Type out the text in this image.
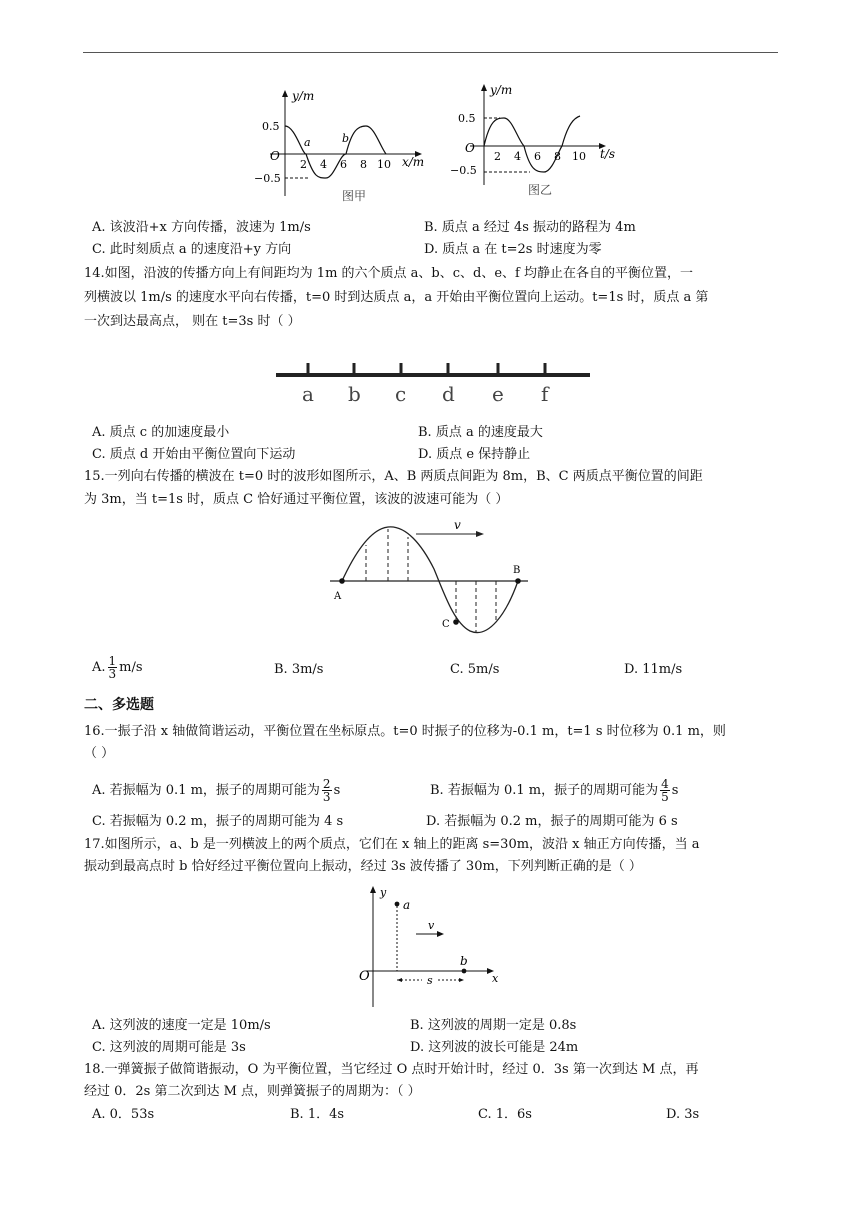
y/m
x/m
0.5
−0.5
O
2 4 6 8 10
a	b
图甲
y/m
t/s
0.5
−0.5
O
2 4 6 8 10
图乙
A. 该波沿+x 方向传播，波速为 1m/s	B. 质点 a 经过 4s 振动的路程为 4m
C. 此时刻质点 a 的速度沿+y 方向	D. 质点 a 在 t=2s 时速度为零
14.如图，沿波的传播方向上有间距均为 1m 的六个质点 a、b、c、d、e、f 均静止在各自的平衡位置，一
列横波以 1m/s 的速度水平向右传播，t=0 时到达质点 a，a 开始由平衡位置向上运动。t=1s 时，质点 a 第
一次到达最高点， 则在 t=3s 时（ ）
a b c d e f
A. 质点 c 的加速度最小	B. 质点 a 的速度最大
C. 质点 d 开始由平衡位置向下运动	D. 质点 e 保持静止
15.一列向右传播的横波在 t=0 时的波形如图所示，A、B 两质点间距为 8m，B、C 两质点平衡位置的间距
为 3m，当 t=1s 时，质点 C 恰好通过平衡位置，该波的波速可能为（ ）
v
A
B
C
A. $\frac{1}{3} m/s$	B. 3m/s	C. 5m/s	D. 11m/s
二、多选题
16.一振子沿 x 轴做简谐运动，平衡位置在坐标原点。t=0 时振子的位移为-0.1 m，t=1 s 时位移为 0.1 m，则
（ ）
A. 若振幅为 0.1 m，振子的周期可能为 $\frac{2}{3}$ s	B. 若振幅为 0.1 m，振子的周期可能为 $\frac{4}{5}$ s
C. 若振幅为 0.2 m，振子的周期可能为 4 s	D. 若振幅为 0.2 m，振子的周期可能为 6 s
17.如图所示，a、b 是一列横波上的两个质点，它们在 x 轴上的距离 s=30m，波沿 x 轴正方向传播，当 a
振动到最高点时 b 恰好经过平衡位置向上振动，经过 3s 波传播了 30m，下列判断正确的是（ ）
y
x
O
a
b
v
s
A. 这列波的速度一定是 10m/s	B. 这列波的周期一定是 0.8s
C. 这列波的周期可能是 3s	D. 这列波的波长可能是 24m
18.一弹簧振子做简谐振动，O 为平衡位置，当它经过 O 点时开始计时，经过 0．3s 第一次到达 M 点，再
经过 0．2s 第二次到达 M 点，则弹簧振子的周期为：（ ）
A. 0．53s	B. 1．4s	C. 1．6s	D. 3s
